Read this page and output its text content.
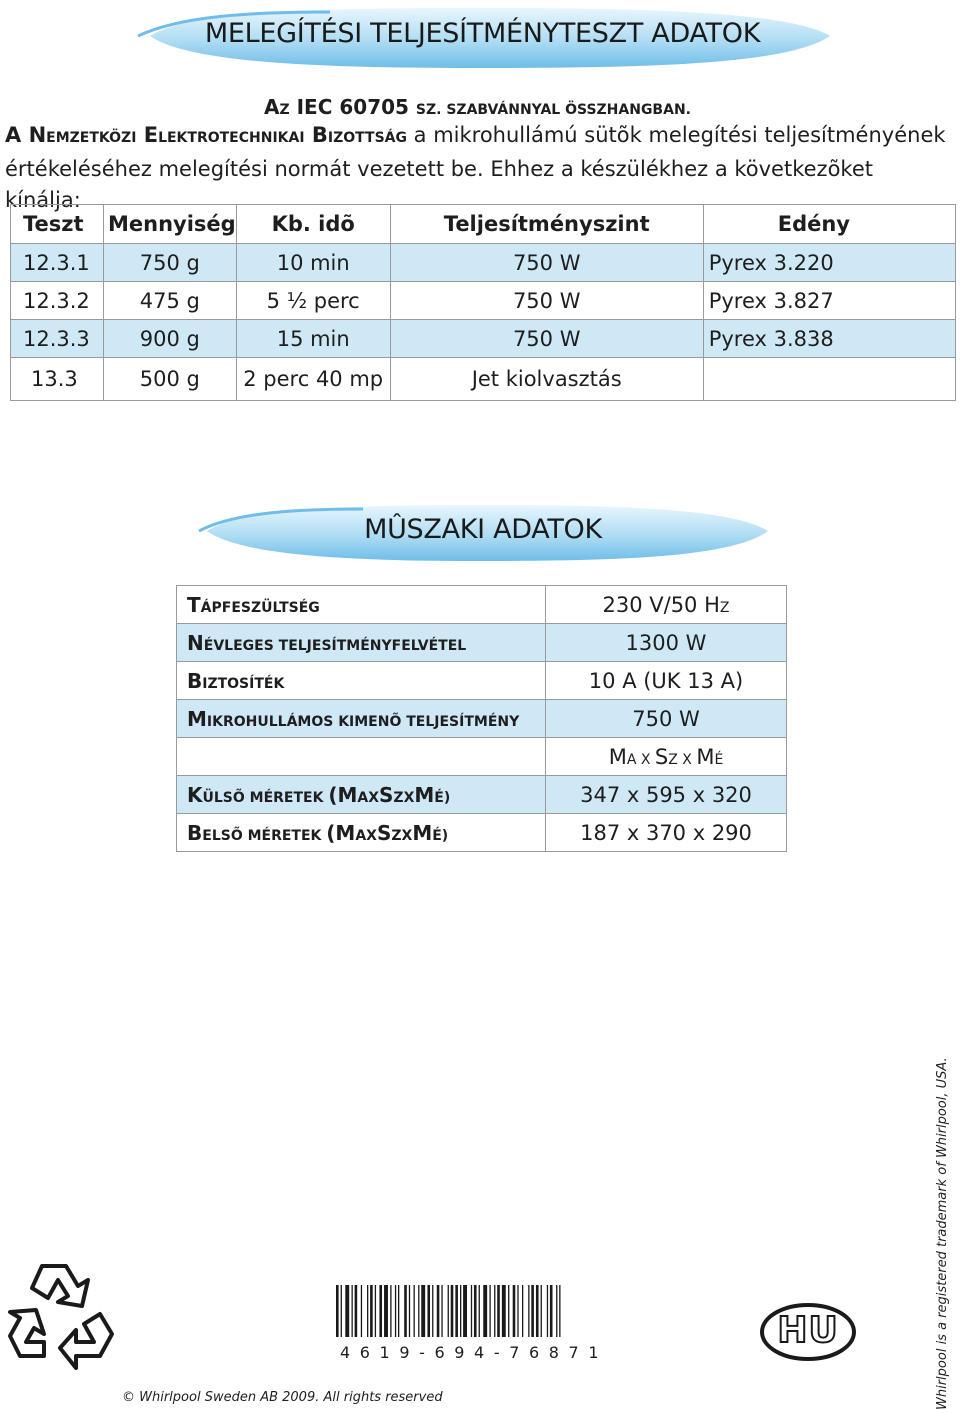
MELEGÍTÉSI TELJESÍTMÉNYTESZT ADATOK
AZ IEC 60705 SZ. SZABVÁNNYAL ÖSSZHANGBAN.
A NEMZETKÖZI ELEKTROTECHNIKAI BIZOTTSÁG a mikrohullámú sütõk melegítési teljesítményének értékeléséhez melegítési normát vezetett be. Ehhez a készülékhez a következõket kínálja:
Teszt	Mennyiség	Kb. idõ	Teljesítményszint	Edény
12.3.1	750 g	10 min	750 W	Pyrex 3.220
12.3.2	475 g	5 ½ perc	750 W	Pyrex 3.827
12.3.3	900 g	15 min	750 W	Pyrex 3.838
13.3	500 g	2 perc 40 mp	Jet kiolvasztás	
MÛSZAKI ADATOK
TÁPFESZÜLTSÉG	230 V/50 HZ
NÉVLEGES TELJESÍTMÉNYFELVÉTEL	1300 W
BIZTOSÍTÉK	10 A (UK 13 A)
MIKROHULLÁMOS KIMENÕ TELJESÍTMÉNY	750 W
	MA X SZ X MÉ
KÜLSÕ MÉRETEK (MAXSZXMÉ)	347 x 595 x 320
BELSÕ MÉRETEK (MAXSZXMÉ)	187 x 370 x 290
© Whirlpool Sweden AB 2009. All rights reserved
4619-694-76871
HU	Whirlpool is a registered trademark of Whirlpool, USA.
